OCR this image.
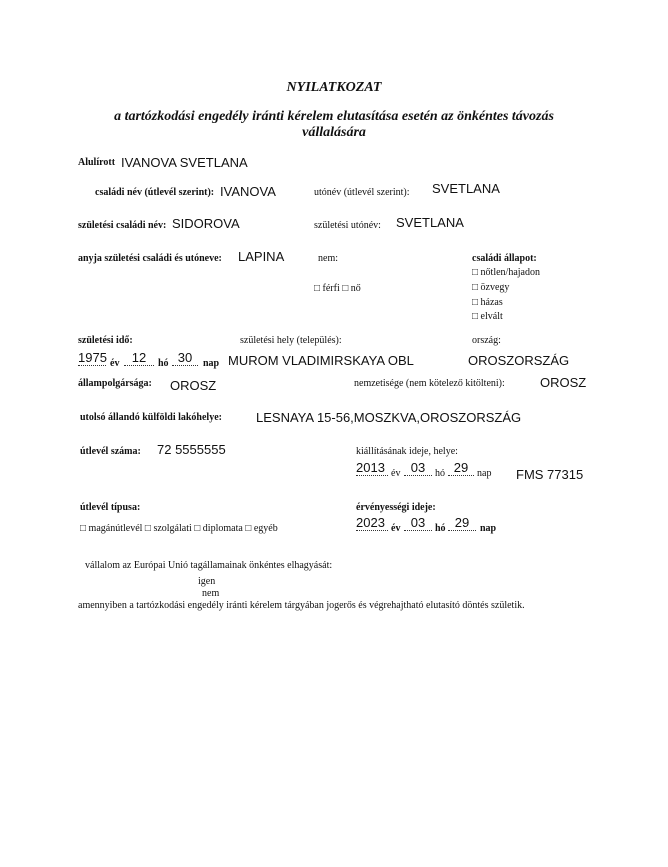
NYILATKOZAT
a tartózkodási engedély iránti kérelem elutasítása esetén az önkéntes távozás
vállalására
Alulírott IVANOVA SVETLANA
családi név (útlevél szerint): IVANOVA	utónév (útlevél szerint): SVETLANA
születési családi név: SIDOROVA	születési utónév: SVETLANA
anyja születési családi és utóneve: LAPINA	nem:
□ férfi □ nő
családi állapot:
□ nőtlen/hajadon
□ özvegy
□ házas
□ elvált
születési idő:	születési hely (település):	ország:
1975 év 12	hó 30	nap MUROM VLADIMIRSKAYA OBL	OROSZORSZÁG
állampolgársága: OROSZ	nemzetisége (nem kötelező kitölteni):	OROSZ
utolsó állandó külföldi lakóhelye:	LESNAYA 15-56,MOSZKVA,OROSZORSZÁG
útlevél száma: 72 5555555	kiállításának ideje, helye:
2013 év 03 hó 29 nap FMS 77315
útlevél típusa:	érvényességi ideje:
□ magánútlevél □ szolgálati □ diplomata □ egyéb	2023 év 03 hó 29	nap
vállalom az Európai Unió tagállamainak önkéntes elhagyását:
igen
nem
amennyiben a tartózkodási engedély iránti kérelem tárgyában jogerős és végrehajtható elutasító döntés születik.
